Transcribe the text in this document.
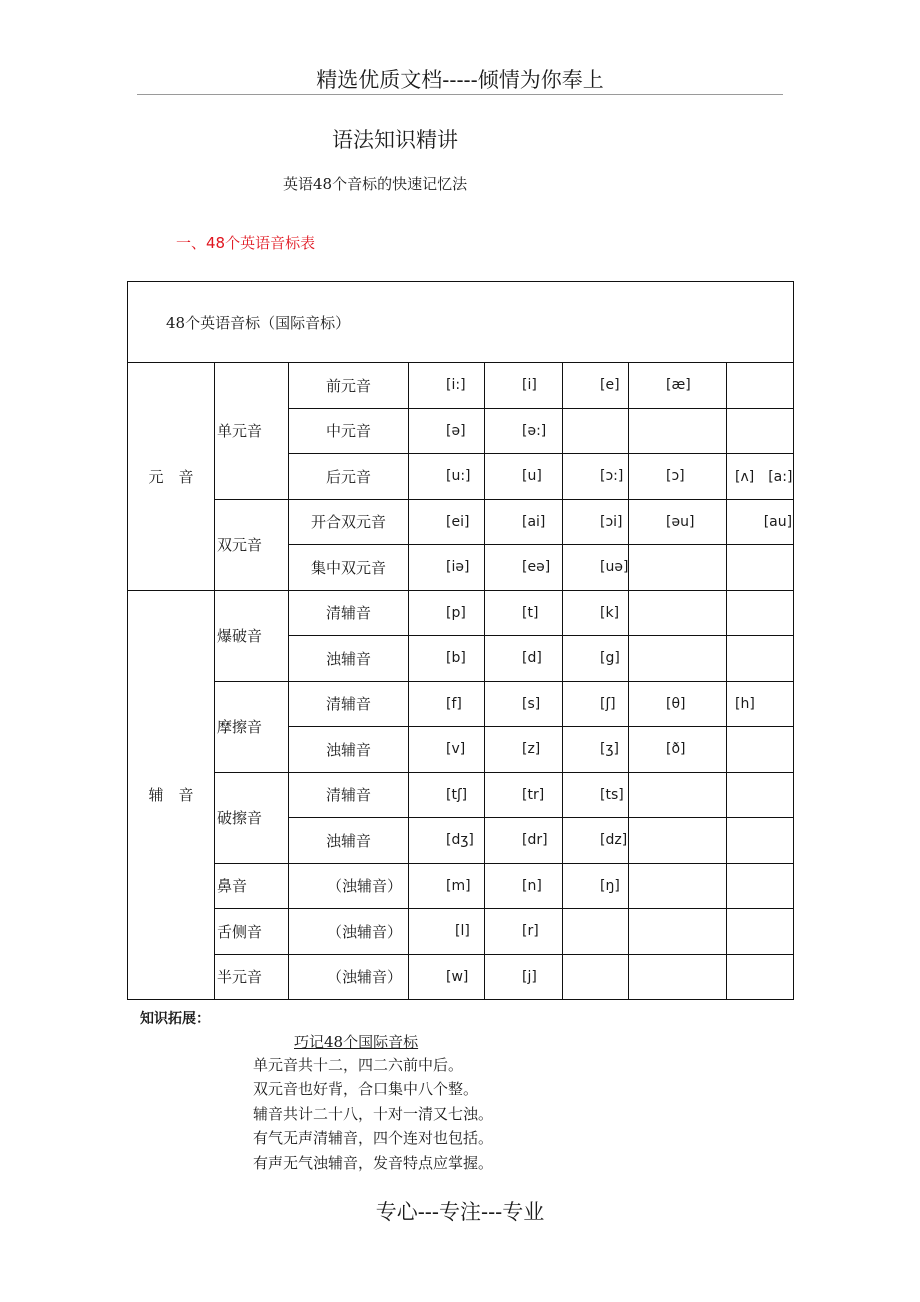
精选优质文档-----倾情为你奉上
语法知识精讲
英语48个音标的快速记忆法
一、48个英语音标表
48个英语音标（国际音标）							
元　音	单元音	前元音	[i:]	[i]	[e]	[æ]	
		中元音	[ə]	[ə:]			
		后元音	[u:]	[u]	[ɔ:]	[ɔ]	[ʌ]　[a:]
	双元音	开合双元音	[ei]	[ai]	[ɔi]	[əu]	[au]
		集中双元音	[iə]	[eə]	[uə]		
辅　音	爆破音	清辅音	[p]	[t]	[k]		
		浊辅音	[b]	[d]	[g]		
	摩擦音	清辅音	[f]	[s]	[ʃ]	[θ]	[h]
		浊辅音	[v]	[z]	[ʒ]	[ð]	
	破擦音	清辅音	[tʃ]	[tr]	[ts]		
		浊辅音	[dʒ]	[dr]	[dz]		
	鼻音	（浊辅音）	[m]	[n]	[ŋ]		
	舌侧音	（浊辅音）	[l]	[r]			
	半元音	（浊辅音）	[w]	[j]			
知识拓展：
巧记48个国际音标
单元音共十二，四二六前中后。
双元音也好背，合口集中八个整。
辅音共计二十八，十对一清又七浊。
有气无声清辅音，四个连对也包括。
有声无气浊辅音，发音特点应掌握。
专心---专注---专业
